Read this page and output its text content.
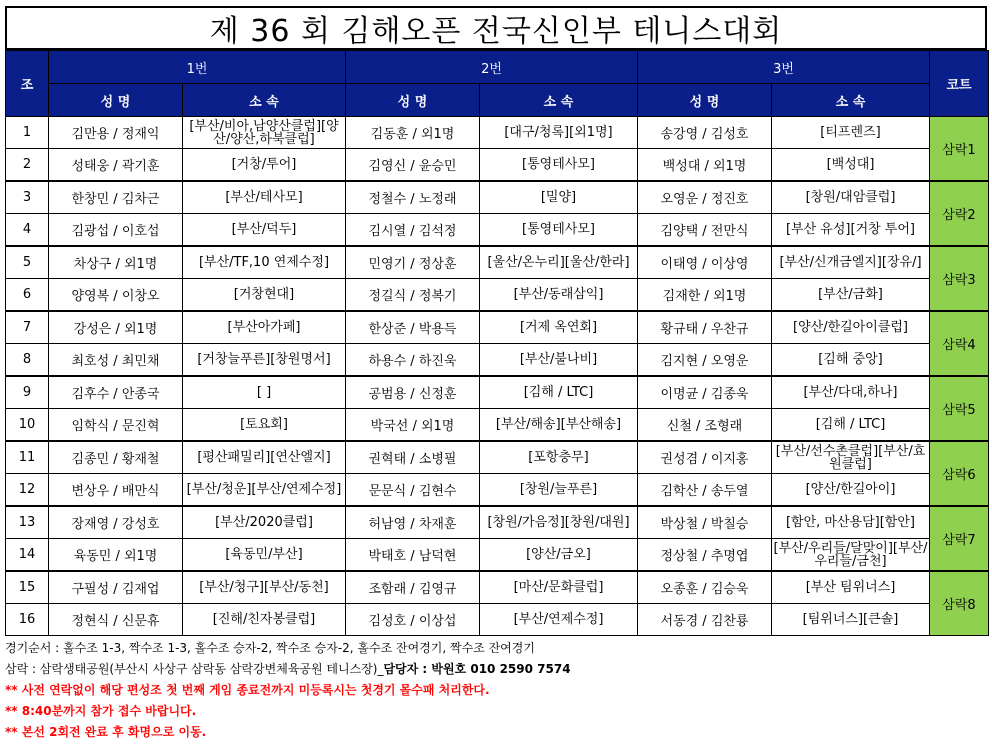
제 36 회 김해오픈 전국신인부 테니스대회
조	1번		2번		3번		코트
	성 명	소 속	성 명	소 속	성 명	소 속	
1	김만용 / 정재익	[부산/비아,남양산클럽][양산/양산,하북클럽]	김동훈 / 외1명	[대구/청록][외1명]	송강영 / 김성호	[티프렌즈]	삼락1
2	성태웅 / 곽기훈	[거창/투어]	김영신 / 윤승민	[통영테사모]	백성대 / 외1명	[백성대]	
3	한창민 / 김차근	[부산/테사모]	정철수 / 노정래	[밀양]	오영운 / 정진호	[창원/대암클럽]	삼락2
4	김광섭 / 이호섭	[부산/덕두]	김시열 / 김석정	[통영테사모]	김양택 / 전만식	[부산 유성][거창 투어]	
5	차상구 / 외1명	[부산/TF,10 연제수정]	민영기 / 정상훈	[울산/온누리][울산/한라]	이태영 / 이상영	[부산/신개금엘지][장유/]	삼락3
6	양영복 / 이창오	[거창현대]	정길식 / 정복기	[부산/동래삼익]	김재한 / 외1명	[부산/금화]	
7	강성은 / 외1명	[부산아가페]	한상준 / 박용득	[거제 옥연회]	황규태 / 우찬규	[양산/한길아이클럽]	삼락4
8	최호성 / 최민채	[거창늘푸른][창원명서]	하용수 / 하진욱	[부산/불나비]	김지현 / 오영운	[김해 중앙]	
9	김후수 / 안종국	[ ]	공범용 / 신정훈	[김해 / LTC]	이명균 / 김종욱	[부산/다대,하나]	삼락5
10	임학식 / 문진혁	[토요회]	박국선 / 외1명	[부산/해송][부산해송]	신철 / 조형래	[김해 / LTC]	
11	김종민 / 황재철	[평산패밀리][연산엘지]	권혁태 / 소병필	[포항충무]	권성겸 / 이지홍	[부산/선수촌클럽][부산/효원클럽]	삼락6
12	변상우 / 배만식	[부산/청운][부산/연제수정]	문문식 / 김현수	[창원/늘푸른]	김학산 / 송두열	[양산/한길아이]	
13	장재영 / 강성호	[부산/2020클럽]	허남영 / 차재훈	[창원/가음정][창원/대원]	박상철 / 박칠승	[함안, 마산용담][함안]	삼락7
14	육동민 / 외1명	[육동민/부산]	박태호 / 남덕현	[양산/금오]	정상철 / 추명엽	[부산/우리들/달맞이][부산/우리들/금천]	
15	구필성 / 김재업	[부산/청구][부산/동천]	조함래 / 김영규	[마산/문화클럽]	오종훈 / 김승욱	[부산 팀위너스]	삼락8
16	정현식 / 신문휴	[진해/친자봉클럽]	김성호 / 이상섭	[부산/연제수정]	서동경 / 김찬룡	[팀위너스][큰솔]	
경기순서 : 홀수조 1-3, 짝수조 1-3, 홀수조 승자-2, 짝수조 승자-2, 홀수조 잔여경기, 짝수조 잔여경기
삼락 : 삼락생태공원(부산시 사상구 삼락동 삼락강변체육공원 테니스장)_담당자 : 박원호 010 2590 7574
** 사전 연락없이 해당 편성조 첫 번째 게임 종료전까지 미등록시는 첫경기 몰수패 처리한다.
** 8:40분까지 참가 접수 바랍니다.
** 본선 2회전 완료 후 화명으로 이동.
